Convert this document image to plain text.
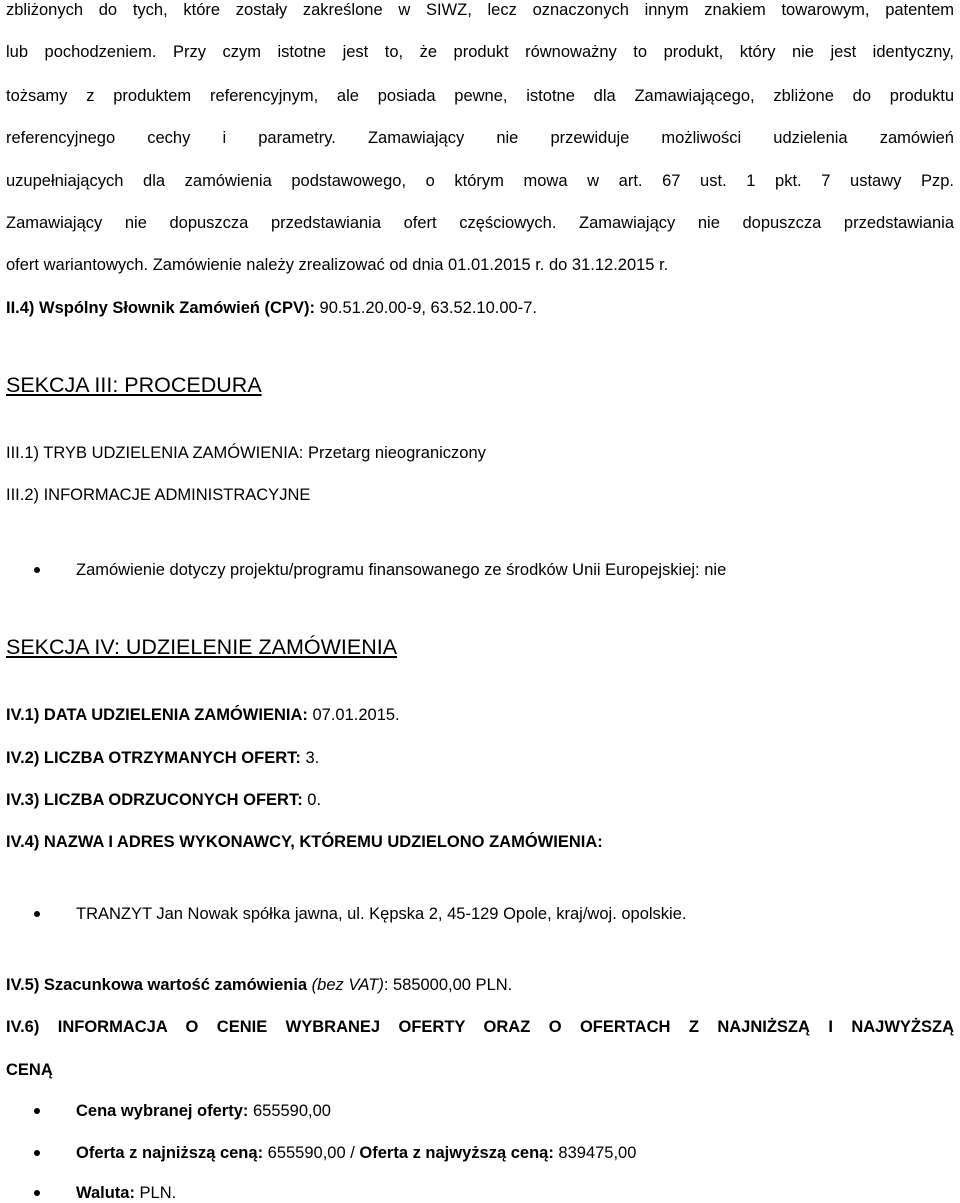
zbliżonych do tych, które zostały zakreślone w SIWZ, lecz oznaczonych innym znakiem towarowym, patentem
lub pochodzeniem. Przy czym istotne jest to, że produkt równoważny to produkt, który nie jest identyczny,
tożsamy z produktem referencyjnym, ale posiada pewne, istotne dla Zamawiającego, zbliżone do produktu
referencyjnego cechy i parametry. Zamawiający nie przewiduje możliwości udzielenia zamówień
uzupełniających dla zamówienia podstawowego, o którym mowa w art. 67 ust. 1 pkt. 7 ustawy Pzp.
Zamawiający nie dopuszcza przedstawiania ofert częściowych. Zamawiający nie dopuszcza przedstawiania
ofert wariantowych. Zamówienie należy zrealizować od dnia 01.01.2015 r. do 31.12.2015 r.
II.4) Wspólny Słownik Zamówień (CPV): 90.51.20.00-9, 63.52.10.00-7.
SEKCJA III: PROCEDURA
III.1) TRYB UDZIELENIA ZAMÓWIENIA: Przetarg nieograniczony
III.2) INFORMACJE ADMINISTRACYJNE
Zamówienie dotyczy projektu/programu finansowanego ze środków Unii Europejskiej: nie
SEKCJA IV: UDZIELENIE ZAMÓWIENIA
IV.1) DATA UDZIELENIA ZAMÓWIENIA: 07.01.2015.
IV.2) LICZBA OTRZYMANYCH OFERT: 3.
IV.3) LICZBA ODRZUCONYCH OFERT: 0.
IV.4) NAZWA I ADRES WYKONAWCY, KTÓREMU UDZIELONO ZAMÓWIENIA:
TRANZYT Jan Nowak spółka jawna, ul. Kępska 2, 45-129 Opole, kraj/woj. opolskie.
IV.5) Szacunkowa wartość zamówienia (bez VAT): 585000,00 PLN.
IV.6) INFORMACJA O CENIE WYBRANEJ OFERTY ORAZ O OFERTACH Z NAJNIŻSZĄ I NAJWYŻSZĄ
CENĄ
Cena wybranej oferty: 655590,00
Oferta z najniższą ceną: 655590,00 / Oferta z najwyższą ceną: 839475,00
Waluta: PLN.
